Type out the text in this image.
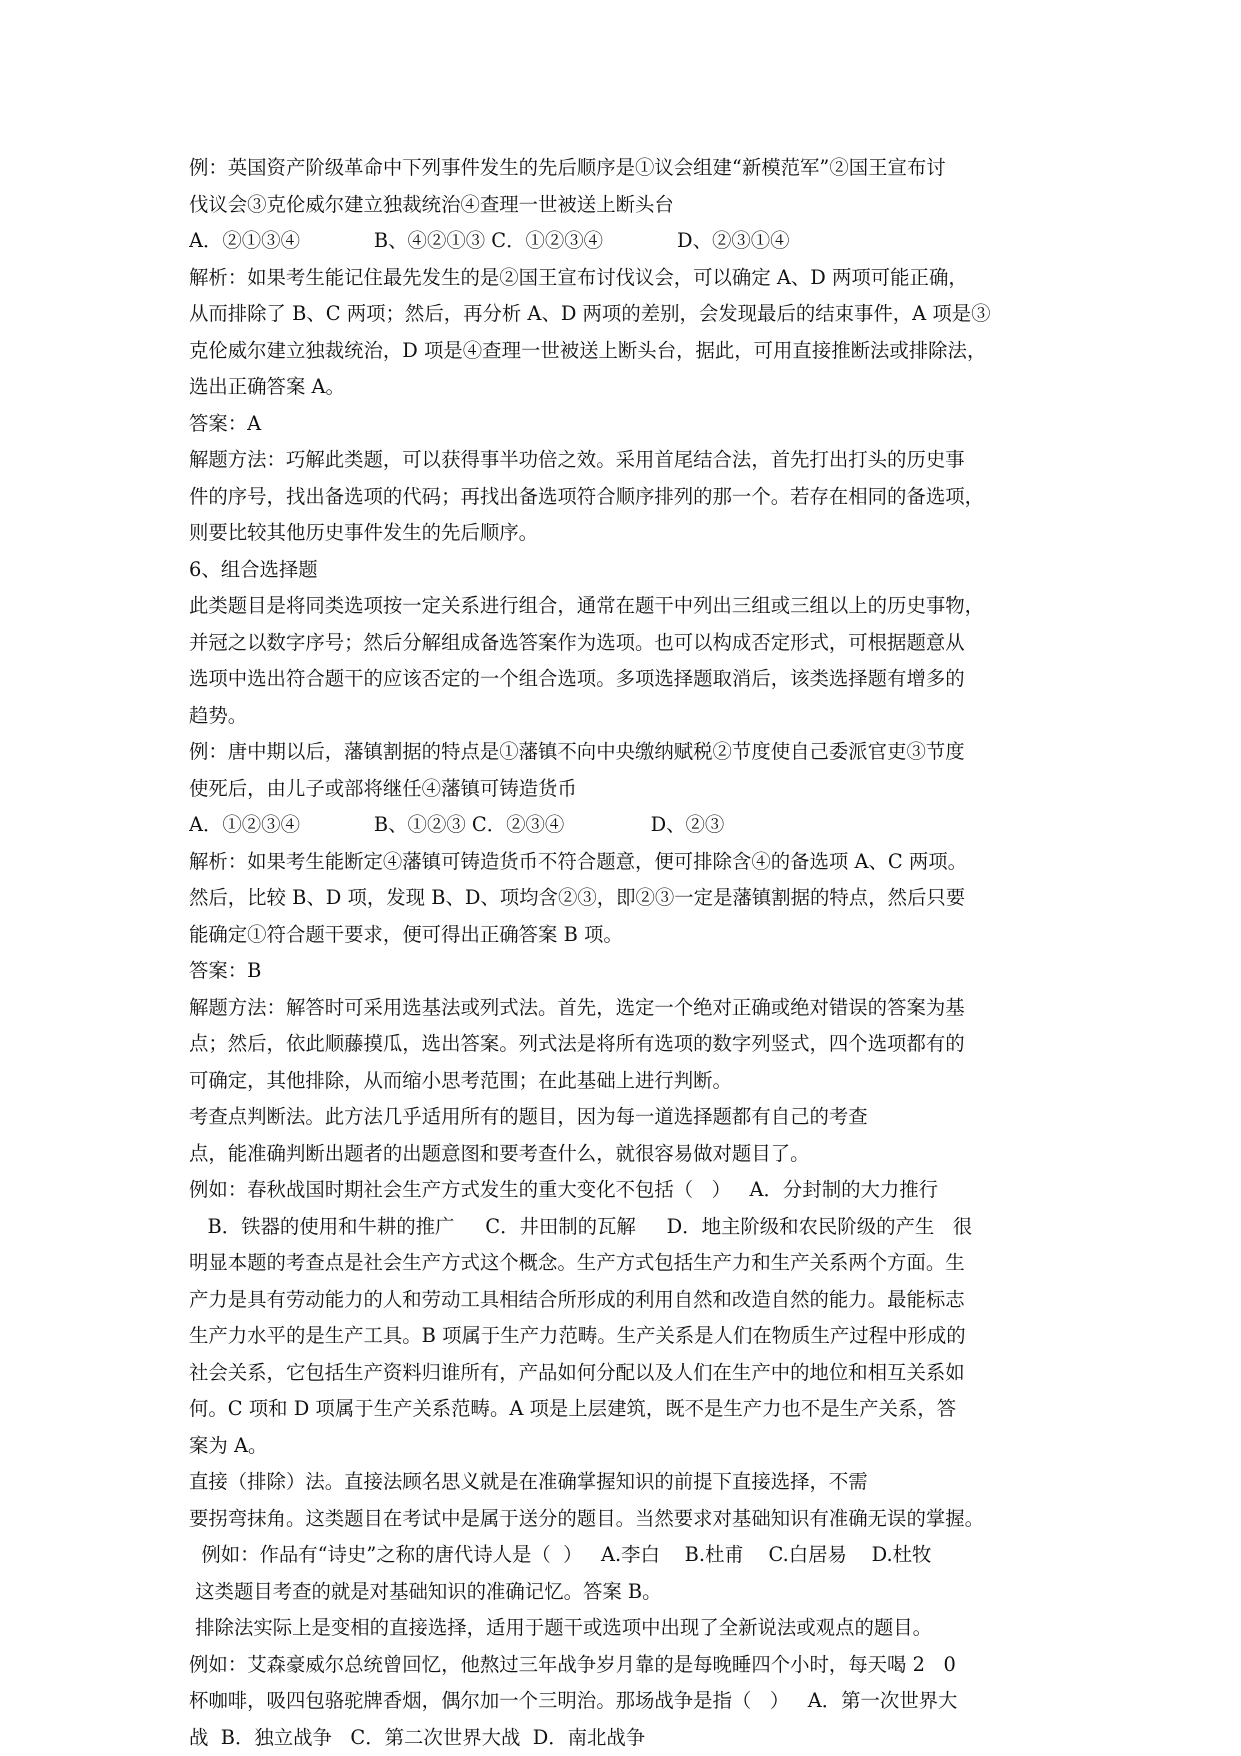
例：英国资产阶级革命中下列事件发生的先后顺序是①议会组建“新模范军”②国王宣布讨
伐议会③克伦威尔建立独裁统治④查理一世被送上断头台
A．②①③④            B、④②①③ C．①②③④            D、②③①④
解析：如果考生能记住最先发生的是②国王宣布讨伐议会，可以确定 A、D 两项可能正确，
从而排除了 B、C 两项；然后，再分析 A、D 两项的差别，会发现最后的结束事件，A 项是③
克伦威尔建立独裁统治，D 项是④查理一世被送上断头台，据此，可用直接推断法或排除法，
选出正确答案 A。
答案：A
解题方法：巧解此类题，可以获得事半功倍之效。采用首尾结合法，首先打出打头的历史事
件的序号，找出备选项的代码；再找出备选项符合顺序排列的那一个。若存在相同的备选项，
则要比较其他历史事件发生的先后顺序。
6、组合选择题
此类题目是将同类选项按一定关系进行组合，通常在题干中列出三组或三组以上的历史事物，
并冠之以数字序号；然后分解组成备选答案作为选项。也可以构成否定形式，可根据题意从
选项中选出符合题干的应该否定的一个组合选项。多项选择题取消后，该类选择题有增多的
趋势。
例：唐中期以后，藩镇割据的特点是①藩镇不向中央缴纳赋税②节度使自己委派官吏③节度
使死后，由儿子或部将继任④藩镇可铸造货币
A．①②③④            B、①②③ C．②③④              D、②③
解析：如果考生能断定④藩镇可铸造货币不符合题意，便可排除含④的备选项 A、C 两项。
然后，比较 B、D 项，发现 B、D、项均含②③，即②③一定是藩镇割据的特点，然后只要
能确定①符合题干要求，便可得出正确答案 B 项。
答案：B
解题方法：解答时可采用选基法或列式法。首先，选定一个绝对正确或绝对错误的答案为基
点；然后，依此顺藤摸瓜，选出答案。列式法是将所有选项的数字列竖式，四个选项都有的
可确定，其他排除，从而缩小思考范围；在此基础上进行判断。
考查点判断法。此方法几乎适用所有的题目，因为每一道选择题都有自己的考查
点，能准确判断出题者的出题意图和要考查什么，就很容易做对题目了。
例如：春秋战国时期社会生产方式发生的重大变化不包括（   ）   A．分封制的大力推行
B．铁器的使用和牛耕的推广     C．井田制的瓦解     D．地主阶级和农民阶级的产生   很
明显本题的考查点是社会生产方式这个概念。生产方式包括生产力和生产关系两个方面。生
产力是具有劳动能力的人和劳动工具相结合所形成的利用自然和改造自然的能力。最能标志
生产力水平的是生产工具。B 项属于生产力范畴。生产关系是人们在物质生产过程中形成的
社会关系，它包括生产资料归谁所有，产品如何分配以及人们在生产中的地位和相互关系如
何。C 项和 D 项属于生产关系范畴。A 项是上层建筑，既不是生产力也不是生产关系，答
案为 A。
直接（排除）法。直接法顾名思义就是在准确掌握知识的前提下直接选择，不需
要拐弯抹角。这类题目在考试中是属于送分的题目。当然要求对基础知识有准确无误的掌握。
例如：作品有“诗史”之称的唐代诗人是（  ）   A.李白    B.杜甫    C.白居易    D.杜牧
这类题目考查的就是对基础知识的准确记忆。答案 B。
排除法实际上是变相的直接选择，适用于题干或选项中出现了全新说法或观点的题目。
例如：艾森豪威尔总统曾回忆，他熬过三年战争岁月靠的是每晚睡四个小时，每天喝 2   0
杯咖啡，吸四包骆驼牌香烟，偶尔加一个三明治。那场战争是指（   ）   A．第一次世界大
战  B．独立战争   C．第二次世界大战  D．南北战争
